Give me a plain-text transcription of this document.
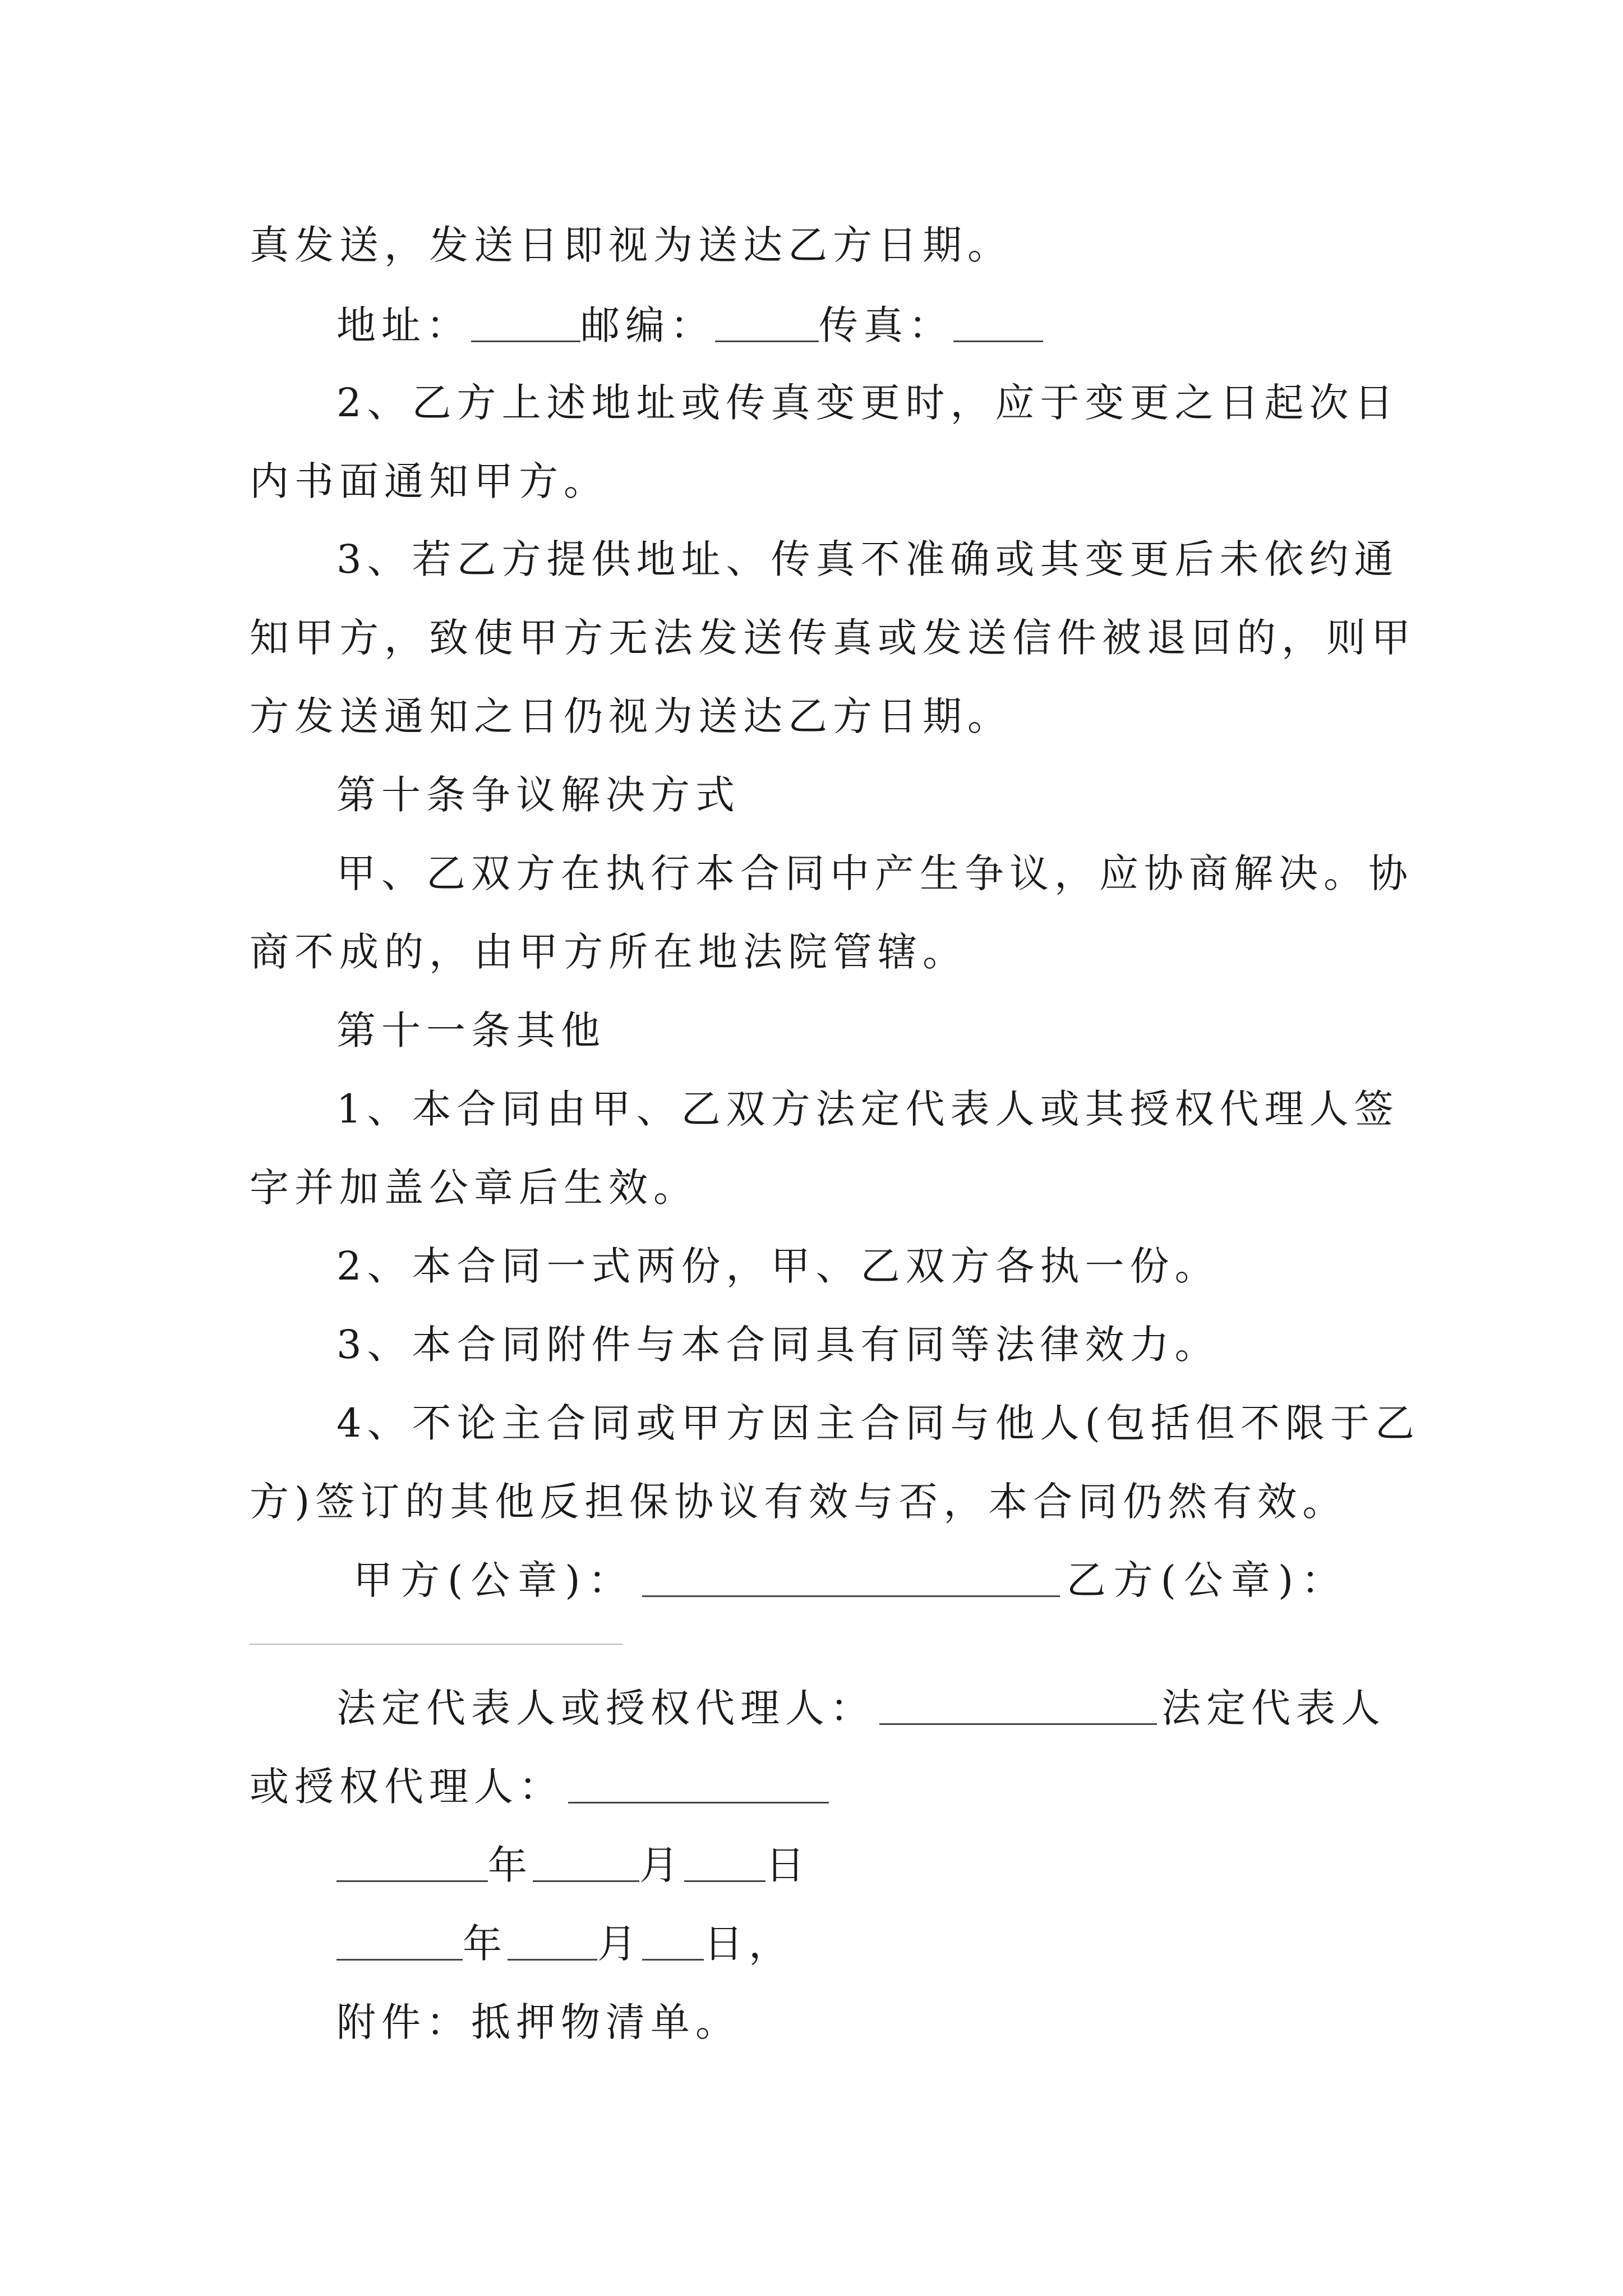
真发送，发送日即视为送达乙方日期。
地址：	邮编：	传真：
2、乙方上述地址或传真变更时，应于变更之日起次日
内书面通知甲方。
3、若乙方提供地址、传真不准确或其变更后未依约通
知甲方，致使甲方无法发送传真或发送信件被退回的，则甲
方发送通知之日仍视为送达乙方日期。
第十条争议解决方式
甲、乙双方在执行本合同中产生争议，应协商解决。协
商不成的，由甲方所在地法院管辖。
第十一条其他
1、本合同由甲、乙双方法定代表人或其授权代理人签
字并加盖公章后生效。
2、本合同一式两份，甲、乙双方各执一份。
3、本合同附件与本合同具有同等法律效力。
4、不论主合同或甲方因主合同与他人(包括但不限于乙
方)签订的其他反担保协议有效与否，本合同仍然有效。
甲方(公章)：	乙方(公章)：
法定代表人或授权代理人：	法定代表人
或授权代理人：
年	月 日
年 月 日，
附件：抵押物清单。
